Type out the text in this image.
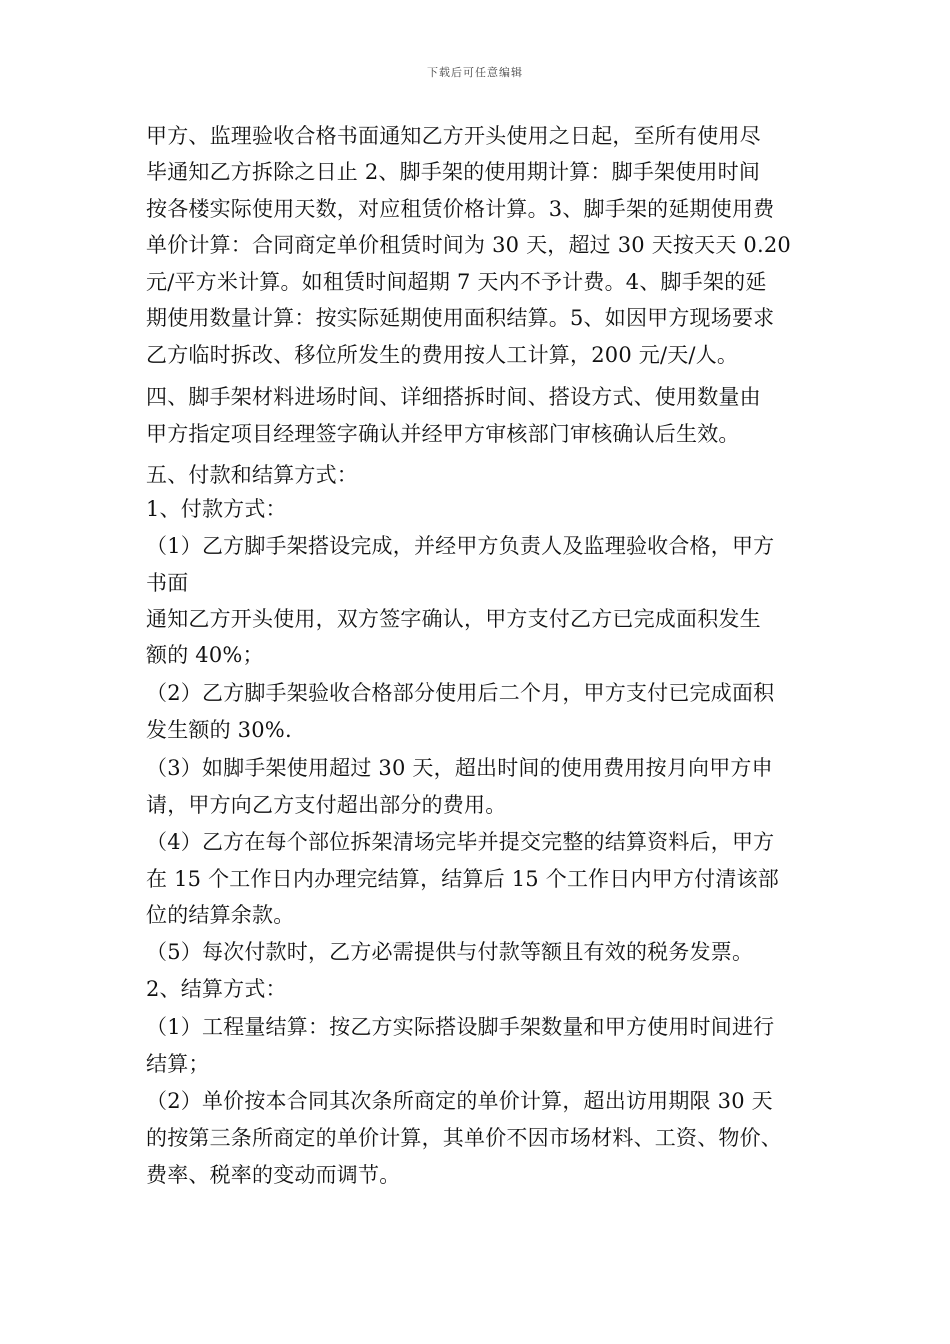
下载后可任意编辑
甲方、监理验收合格书面通知乙方开头使用之日起，至所有使用尽
毕通知乙方拆除之日止 2、脚手架的使用期计算：脚手架使用时间
按各楼实际使用天数，对应租赁价格计算。3、脚手架的延期使用费
单价计算：合同商定单价租赁时间为 30 天，超过 30 天按天天 0.20
元/平方米计算。如租赁时间超期 7 天内不予计费。4、脚手架的延
期使用数量计算：按实际延期使用面积结算。5、如因甲方现场要求
乙方临时拆改、移位所发生的费用按人工计算，200 元/天/人。
四、脚手架材料进场时间、详细搭拆时间、搭设方式、使用数量由
甲方指定项目经理签字确认并经甲方审核部门审核确认后生效。
五、付款和结算方式：
1、付款方式：
（1）乙方脚手架搭设完成，并经甲方负责人及监理验收合格，甲方
书面
通知乙方开头使用，双方签字确认，甲方支付乙方已完成面积发生
额的 40%；
（2）乙方脚手架验收合格部分使用后二个月，甲方支付已完成面积
发生额的 30%.
（3）如脚手架使用超过 30 天，超出时间的使用费用按月向甲方申
请，甲方向乙方支付超出部分的费用。
（4）乙方在每个部位拆架清场完毕并提交完整的结算资料后，甲方
在 15 个工作日内办理完结算，结算后 15 个工作日内甲方付清该部
位的结算余款。
（5）每次付款时，乙方必需提供与付款等额且有效的税务发票。
2、结算方式：
（1）工程量结算：按乙方实际搭设脚手架数量和甲方使用时间进行
结算；
（2）单价按本合同其次条所商定的单价计算，超出访用期限 30 天
的按第三条所商定的单价计算，其单价不因市场材料、工资、物价、
费率、税率的变动而调节。
